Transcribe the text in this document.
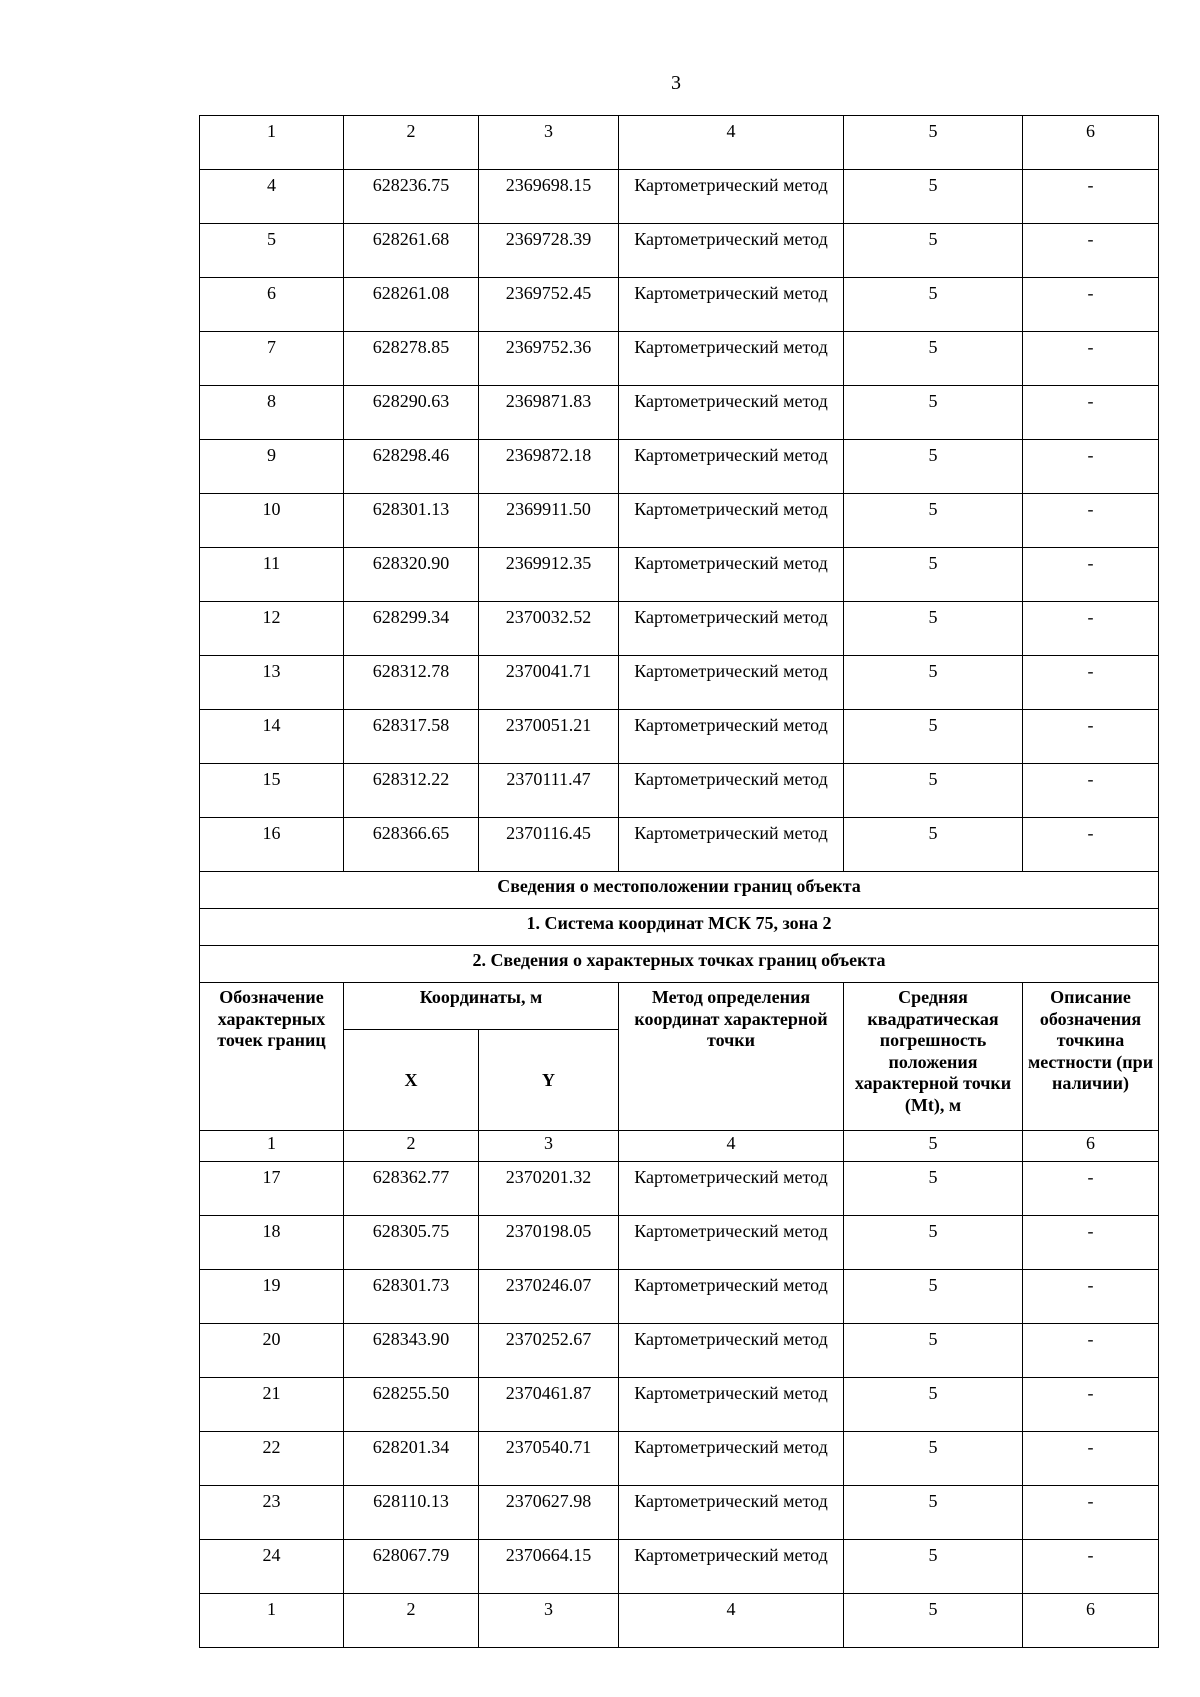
3
1	2	3	4	5	6
4	628236.75	2369698.15	Картометрический метод	5	-
5	628261.68	2369728.39	Картометрический метод	5	-
6	628261.08	2369752.45	Картометрический метод	5	-
7	628278.85	2369752.36	Картометрический метод	5	-
8	628290.63	2369871.83	Картометрический метод	5	-
9	628298.46	2369872.18	Картометрический метод	5	-
10	628301.13	2369911.50	Картометрический метод	5	-
11	628320.90	2369912.35	Картометрический метод	5	-
12	628299.34	2370032.52	Картометрический метод	5	-
13	628312.78	2370041.71	Картометрический метод	5	-
14	628317.58	2370051.21	Картометрический метод	5	-
15	628312.22	2370111.47	Картометрический метод	5	-
16	628366.65	2370116.45	Картометрический метод	5	-
Сведения о местоположении границ объекта					
1. Система координат МСК 75, зона 2					
2. Сведения о характерных точках границ объекта					
Обозначение характерных точек границ	Координаты, м		Метод определения координат характерной точки	Средняя квадратическая погрешность положения характерной точки (Mt), м	Описание обозначения точкина местности (при наличии)
	X	Y			
1	2	3	4	5	6
17	628362.77	2370201.32	Картометрический метод	5	-
18	628305.75	2370198.05	Картометрический метод	5	-
19	628301.73	2370246.07	Картометрический метод	5	-
20	628343.90	2370252.67	Картометрический метод	5	-
21	628255.50	2370461.87	Картометрический метод	5	-
22	628201.34	2370540.71	Картометрический метод	5	-
23	628110.13	2370627.98	Картометрический метод	5	-
24	628067.79	2370664.15	Картометрический метод	5	-
1	2	3	4	5	6
